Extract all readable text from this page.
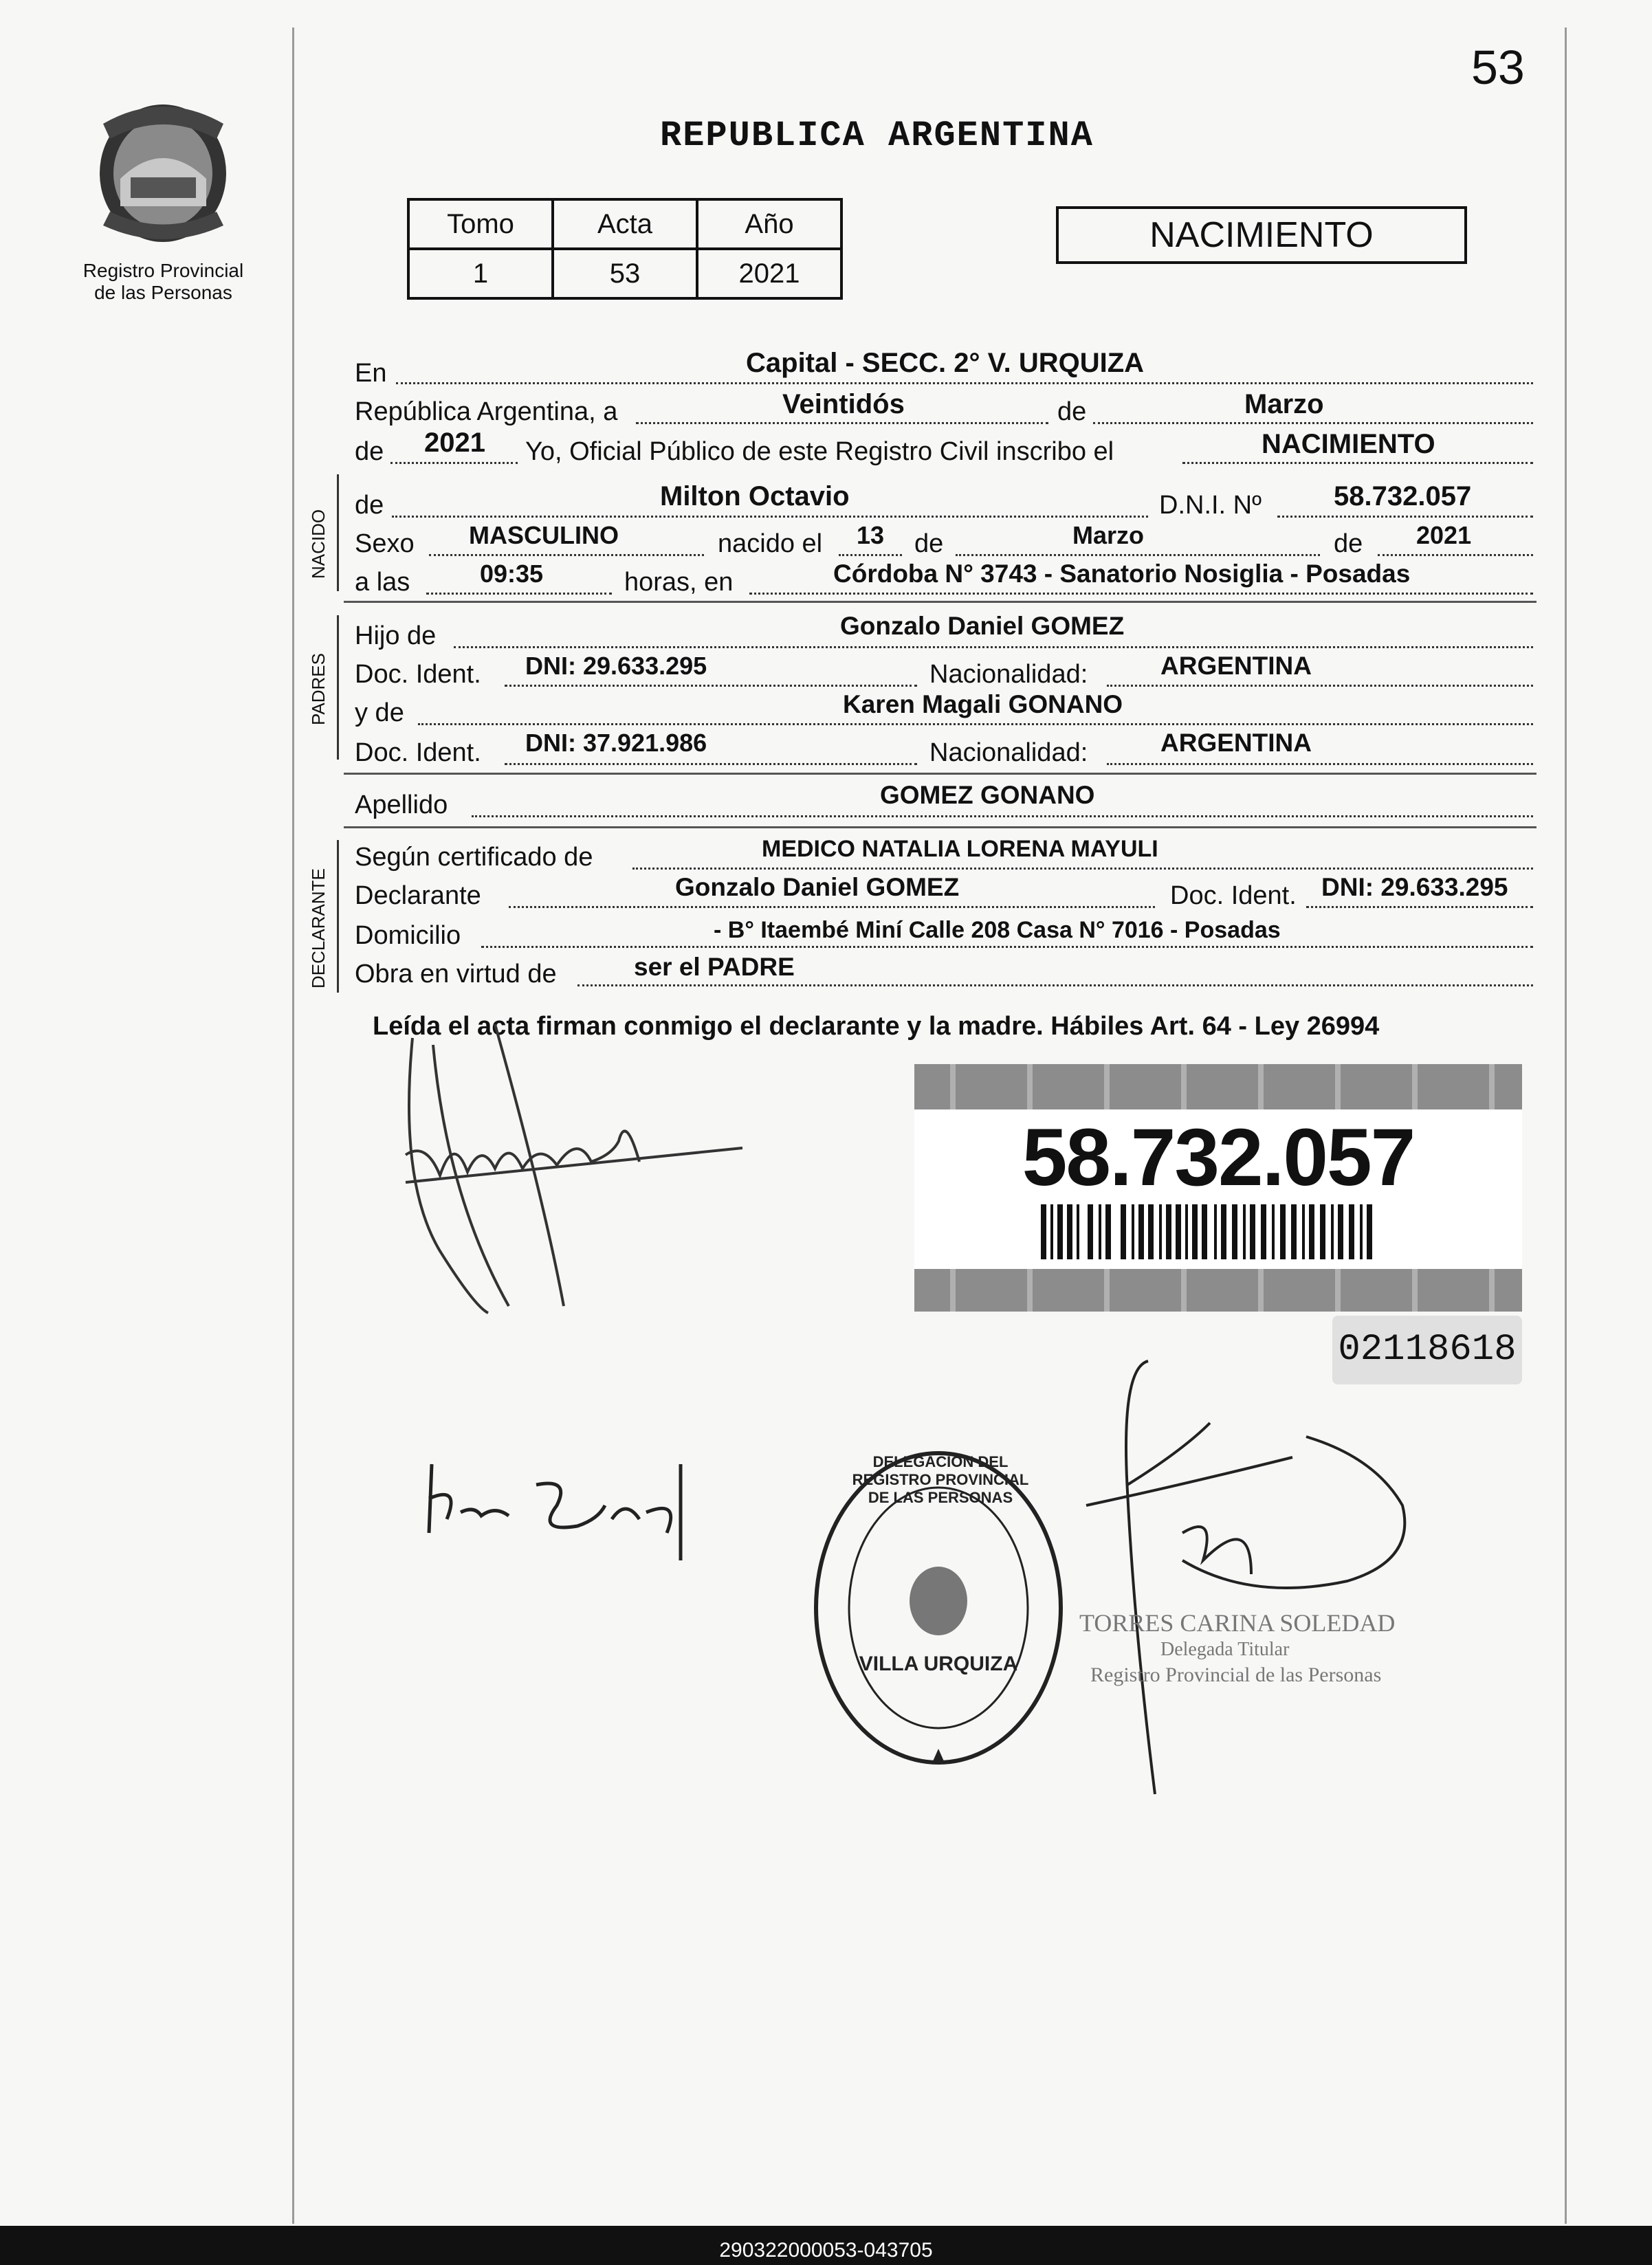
53
Registro Provincial
de las Personas
REPUBLICA ARGENTINA
Tomo	Acta	Año
1	53	2021
NACIMIENTO
En	Capital - SECC. 2° V. URQUIZA
República Argentina, a	Veintidós	de	Marzo
de 2021 Yo, Oficial Público de este Registro Civil inscribo el	NACIMIENTO
NACIDO
de	Milton Octavio	D.N.I. Nº	58.732.057
Sexo MASCULINO	nacido el 13 de	Marzo	de 2021
a las	09:35	horas, en	Córdoba N° 3743 - Sanatorio Nosiglia - Posadas
PADRES
Hijo de	Gonzalo Daniel GOMEZ
Doc. Ident. DNI: 29.633.295	Nacionalidad:	ARGENTINA
y de	Karen Magali GONANO
Doc. Ident. DNI: 37.921.986	Nacionalidad:	ARGENTINA
Apellido	GOMEZ GONANO
DECLARANTE
Según certificado de	MEDICO NATALIA LORENA MAYULI
Declarante	Gonzalo Daniel GOMEZ	Doc. Ident. DNI: 29.633.295
Domicilio	- B° Itaembé Miní Calle 208 Casa N° 7016 - Posadas
Obra en virtud de	ser el PADRE
Leída el acta firman conmigo el declarante y la madre. Hábiles Art. 64 - Ley 26994
58.732.057
02118618
DELEGACION DEL REGISTRO PROVINCIAL DE LAS PERSONAS
VILLA URQUIZA
TORRES CARINA SOLEDAD
Delegada Titular
Registro Provincial de las Personas
290322000053-043705
